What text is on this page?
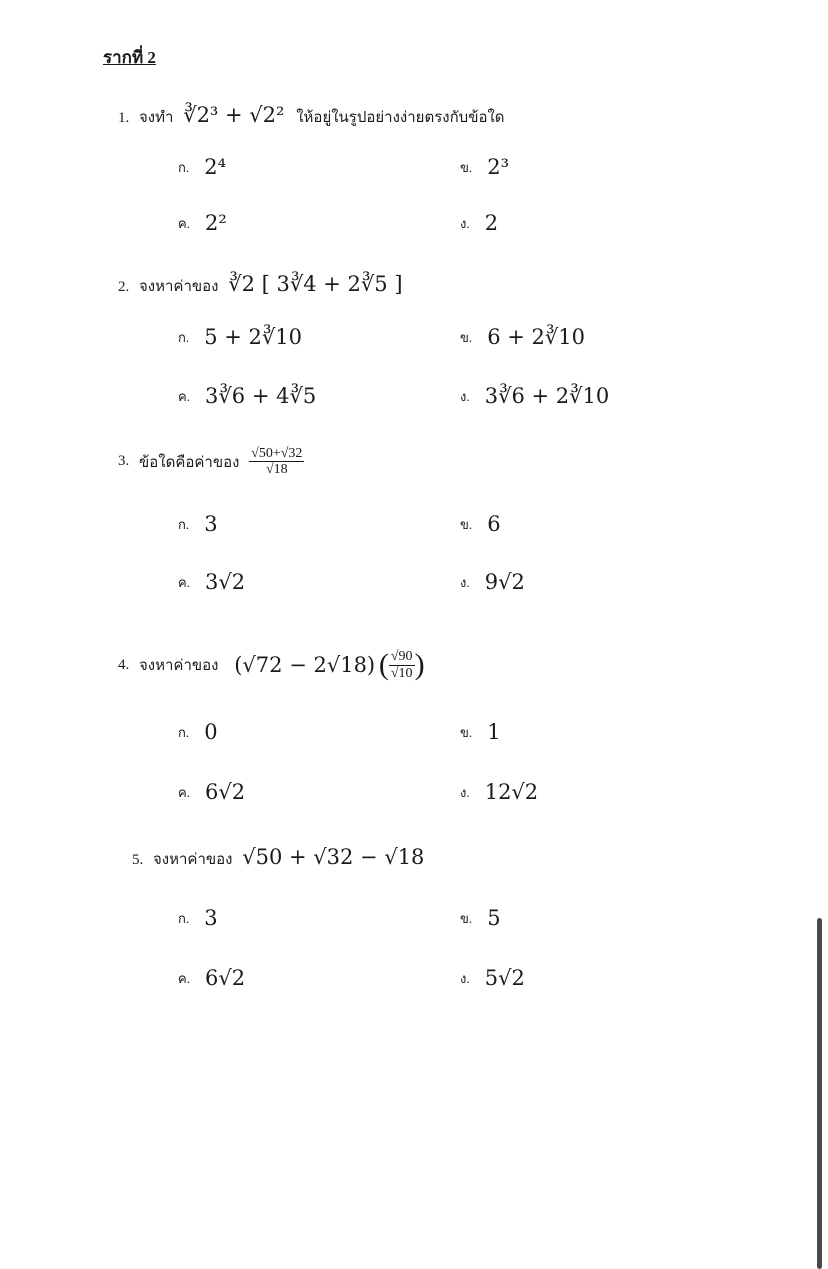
รากที่ 2
1. จงทำ ∛2³ + √2² ให้อยู่ในรูปอย่างง่ายตรงกับข้อใด
ก. 2⁴	ข. 2³
ค. 2²	ง. 2
2. จงหาค่าของ ∛2 [ 3∛4 + 2∛5 ]
ก. 5 + 2∛10	ข. 6 + 2∛10
ค. 3∛6 + 4∛5	ง. 3∛6 + 2∛10
3. ข้อใดคือค่าของ $\frac{√50+√32}{√18}$
ก. 3	ข. 6
ค. 3√2	ง. 9√2
4. จงหาค่าของ (√72 − 2√18) ( $\frac{√90}{√10}$ )
ก. 0	ข. 1
ค. 6√2	ง. 12√2
5. จงหาค่าของ √50 + √32 − √18
ก. 3	ข. 5
ค. 6√2	ง. 5√2
